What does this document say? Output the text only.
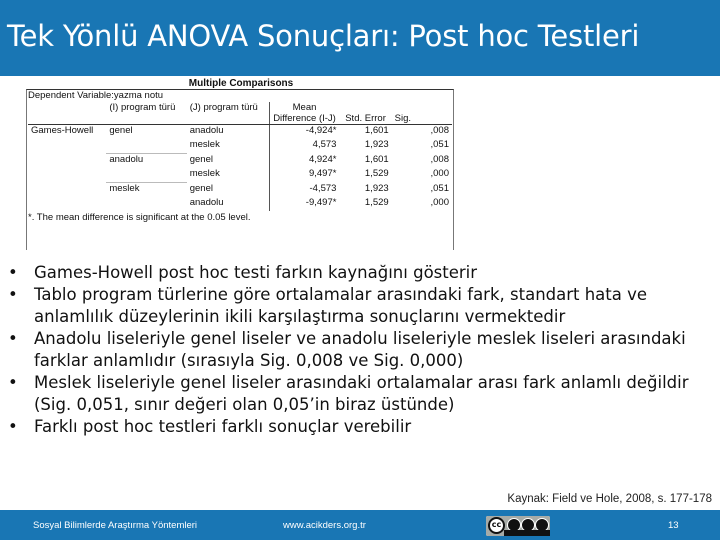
Tek Yönlü ANOVA Sonuçları: Post hoc Testleri
Multiple Comparisons
Dependent Variable:yazma notu
	(I) program türü	(J) program türü	Mean Difference (I-J)	Std. Error	Sig.
Games-Howell	genel	anadolu	-4,924*	1,601	,008
		meslek	4,573	1,923	,051
	anadolu	genel	4,924*	1,601	,008
		meslek	9,497*	1,529	,000
	meslek	genel	-4,573	1,923	,051
		anadolu	-9,497*	1,529	,000
*. The mean difference is significant at the 0.05 level.
• Games-Howell post hoc testi farkın kaynağını gösterir
• Tablo program türlerine göre ortalamalar arasındaki fark, standart hata ve anlamlılık düzeylerinin ikili karşılaştırma sonuçlarını vermektedir
• Anadolu liseleriyle genel liseler ve anadolu liseleriyle meslek liseleri arasındaki farklar anlamlıdır (sırasıyla Sig. 0,008 ve Sig. 0,000)
• Meslek liseleriyle genel liseler arasındaki ortalamalar arası fark anlamlı değildir (Sig. 0,051, sınır değeri olan 0,05’in biraz üstünde)
• Farklı post hoc testleri farklı sonuçlar verebilir
Kaynak: Field ve Hole, 2008, s. 177-178
Sosyal Bilimlerde Araştırma Yöntemleri	www.acikders.org.tr	cc	13
